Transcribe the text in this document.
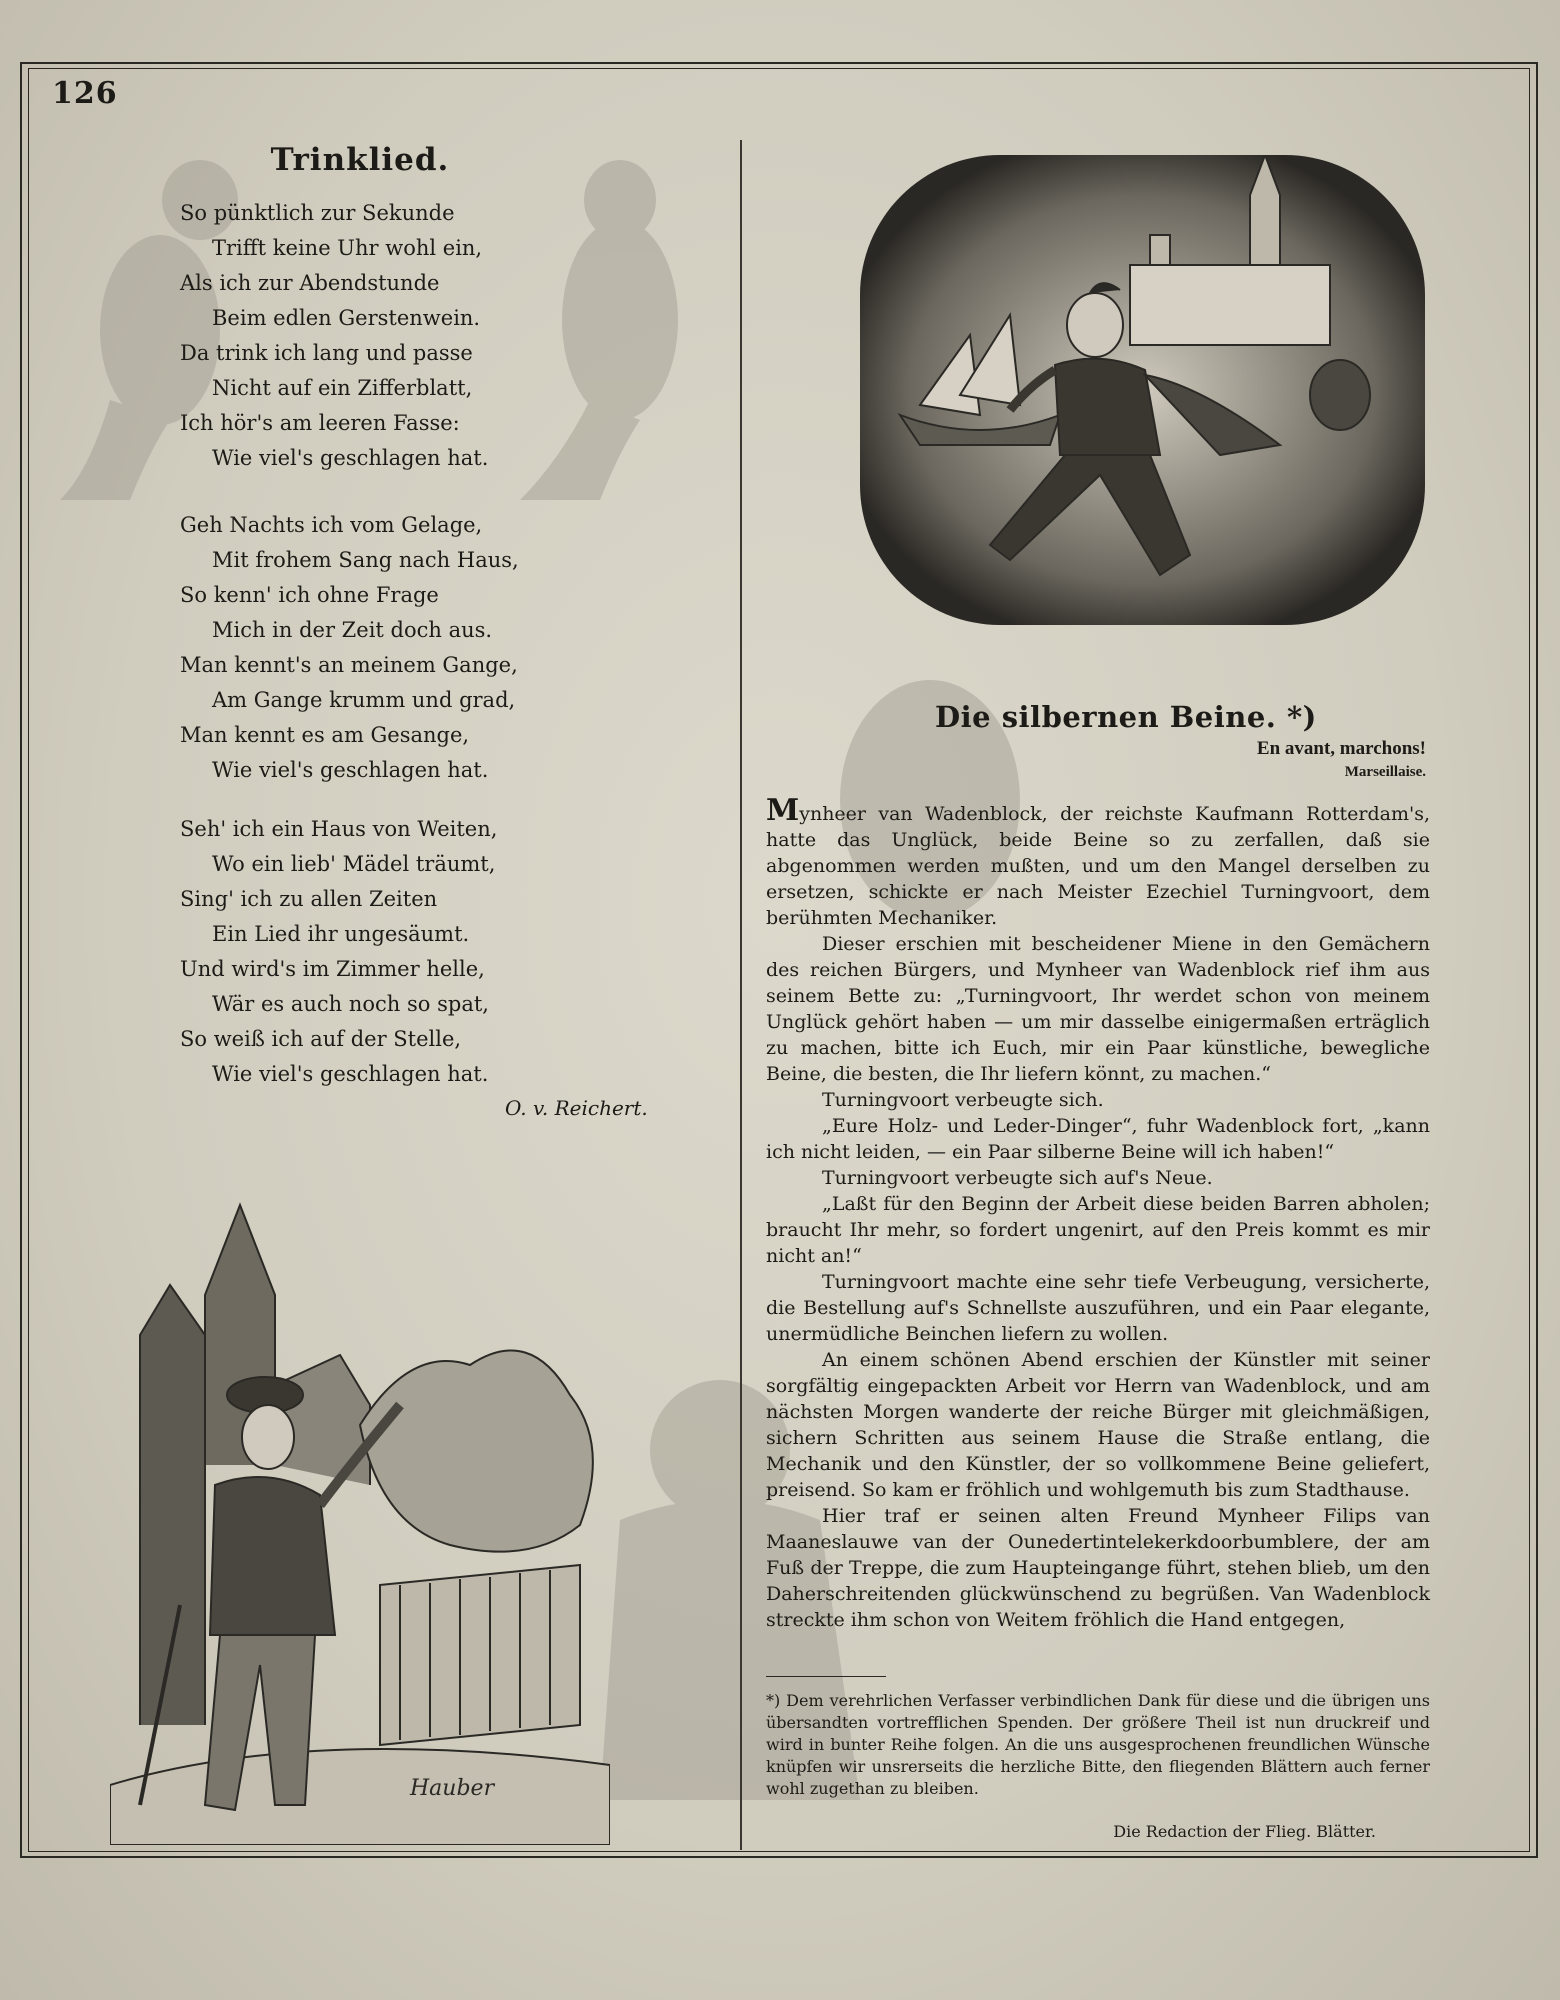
126
Trinklied.
So pünktlich zur Sekunde
Trifft keine Uhr wohl ein,
Als ich zur Abendstunde
Beim edlen Gerstenwein.
Da trink ich lang und passe
Nicht auf ein Zifferblatt,
Ich hör's am leeren Fasse:
Wie viel's geschlagen hat.
Geh Nachts ich vom Gelage,
Mit frohem Sang nach Haus,
So kenn' ich ohne Frage
Mich in der Zeit doch aus.
Man kennt's an meinem Gange,
Am Gange krumm und grad,
Man kennt es am Gesange,
Wie viel's geschlagen hat.
Seh' ich ein Haus von Weiten,
Wo ein lieb' Mädel träumt,
Sing' ich zu allen Zeiten
Ein Lied ihr ungesäumt.
Und wird's im Zimmer helle,
Wär es auch noch so spat,
So weiß ich auf der Stelle,
Wie viel's geschlagen hat.
O. v. Reichert.
Hauber
Die silbernen Beine. *)
En avant, marchons!
Marseillaise.

Mynheer van Wadenblock, der reichste Kaufmann Rotterdam's, hatte das Unglück, beide Beine so zu zerfallen, daß sie abgenommen werden mußten, und um den Mangel derselben zu ersetzen, schickte er nach Meister Ezechiel Turningvoort, dem berühmten Mechaniker.

Dieser erschien mit bescheidener Miene in den Gemächern des reichen Bürgers, und Mynheer van Wadenblock rief ihm aus seinem Bette zu: „Turningvoort, Ihr werdet schon von meinem Unglück gehört haben — um mir dasselbe einigermaßen erträglich zu machen, bitte ich Euch, mir ein Paar künstliche, bewegliche Beine, die besten, die Ihr liefern könnt, zu machen.“

Turningvoort verbeugte sich.

„Eure Holz- und Leder-Dinger“, fuhr Wadenblock fort, „kann ich nicht leiden, — ein Paar silberne Beine will ich haben!“

Turningvoort verbeugte sich auf's Neue.

„Laßt für den Beginn der Arbeit diese beiden Barren abholen; braucht Ihr mehr, so fordert ungenirt, auf den Preis kommt es mir nicht an!“

Turningvoort machte eine sehr tiefe Verbeugung, versicherte, die Bestellung auf's Schnellste auszuführen, und ein Paar elegante, unermüdliche Beinchen liefern zu wollen.

An einem schönen Abend erschien der Künstler mit seiner sorgfältig eingepackten Arbeit vor Herrn van Wadenblock, und am nächsten Morgen wanderte der reiche Bürger mit gleichmäßigen, sichern Schritten aus seinem Hause die Straße entlang, die Mechanik und den Künstler, der so vollkommene Beine geliefert, preisend. So kam er fröhlich und wohlgemuth bis zum Stadthause.

Hier traf er seinen alten Freund Mynheer Filips van Maaneslauwe van der Ounedertintelekerkdoorbumblere, der am Fuß der Treppe, die zum Haupteingange führt, stehen blieb, um den Daherschreitenden glückwünschend zu begrüßen. Van Wadenblock streckte ihm schon von Weitem fröhlich die Hand entgegen,

*) Dem verehrlichen Verfasser verbindlichen Dank für diese und die übrigen uns übersandten vortrefflichen Spenden. Der größere Theil ist nun druckreif und wird in bunter Reihe folgen. An die uns ausgesprochenen freundlichen Wünsche knüpfen wir unsrerseits die herzliche Bitte, den fliegenden Blättern auch ferner wohl zugethan zu bleiben.
Die Redaction der Flieg. Blätter.
